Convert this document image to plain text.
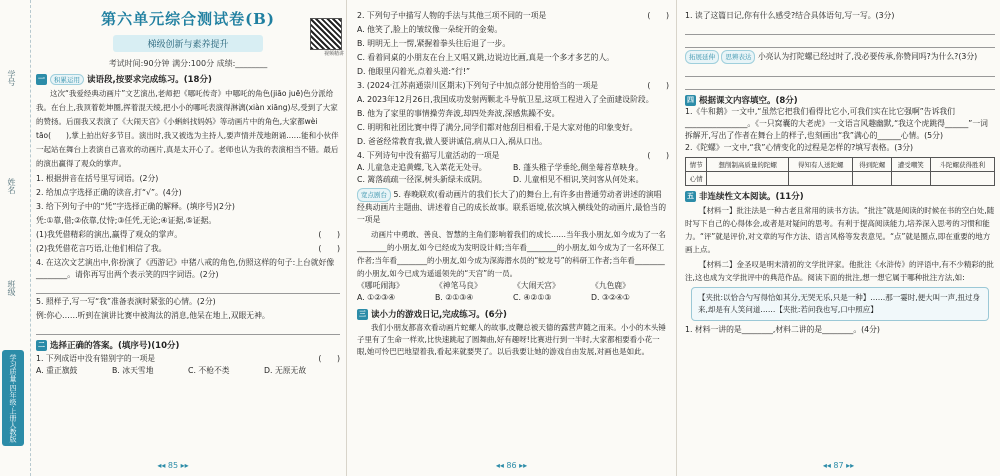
学号
姓名
班级
学习质量·四年级·上册人教版
视频精讲
第六单元综合测试卷(B)
梯级创新与素养提升
考试时间:90分钟 满分:100分 成绩:________
一	积累运用 读语段,按要求完成练习。(18分)

这次“我爱经典动画片”文艺演出,老师把《哪吒传奇》中哪吒的角色(jiāo juē)色分派给我。在台上,我顶着乾坤圈,挥着混天绫,把小小的哪吒表演得淋漓(xiàn xiāng)尽,受到了大家的赞扬。后面我又表演了《大闹天宫》《小蝌蚪找妈妈》等动画片中的角色,大家都wèi tāo(　　),掌上拍出好多节目。演出时,我又被选为主持人,要声情并茂地朗诵……能和小伙伴一起站在舞台上表演自己喜欢的动画片,真是太开心了。老师也认为我的表演相当不错。最后的演出赢得了观众的掌声。

1. 根据拼音在括号里写词语。(2分)
2. 给加点字选择正确的读音,打“√”。(4分)
3. 给下列句子中的“凭”字选择正确的解释。(填序号)(2分)
凭:①靠,借;②依靠,仗恃;③任凭,无论;④证据,⑤证据。
(1)我凭借精彩的演出,赢得了观众的掌声。	(　　)
(2)我凭借花言巧语,让他们相信了我。	(　　)
4. 在这次文艺演出中,你扮演了《西游记》中猪八戒的角色,仿照这样的句子:上台就好像________。请你再写出两个表示笑的四字词语。(2分)
5. 照样子,写一写“我”准备表演时紧张的心情。(2分)
例:你心……听到在演讲比赛中被淘汰的消息,他呆在地上,双眼无神。
二 选择正确的答案。(填序号)(10分)
1. 下列成语中没有错别字的一项是	(　　)
A. 重正旗鼓	B. 冰天雪地	C. 不枪不类	D. 无原无故
◂◂ 85 ▸▸
2. 下列句子中描写人物的手法与其他三项不同的一项是	(　　)
A. 他笑了,脸上的皱纹像一朵绽开的金菊。
B. 明明无上一愣,紧握着拳头往后退了一步。
C. 看着同桌的小朋友在台上又唱又跳,边说边比画,真是一个多才多艺的人。
D. 他眼里闪着光,点着头道:“行!”
3. (2024·江苏南通崇川区期末)下列句子中加点部分使用恰当的一项是	(　　)
A. 2023年12月26日,我国成功发射两颗北斗导航卫星,这项工程进入了全面建设阶段。
B. 他为了家里的事情操劳奔波,却四处奔波,深感焦躁不安。
C. 明明和社团比赛中得了满分,同学们都对他刮目相看,于是大家对他的印象变好。
D. 爸爸经常教育我,做人要讲诚信,病从口入,祸从口出。
4. 下列诗句中没有描写儿童活动的一项是	(　　)
A. 儿童急走追黄蝶,飞入菜花无处寻。	B. 蓬头稚子学垂纶,侧坐莓苔草映身。
C. 篱落疏疏一径深,树头新绿未成阴。	D. 儿童相见不相识,笑问客从何处来。
宽点剧台 5. 春晚联欢(看动画片的我们长大了)的舞台上,有许多由普通劳动者讲述的演唱经典动画片主题曲、讲述着自己的成长故事。联系语境,依次填入横线处的动画片,最恰当的一项是
动画片中勇敢、善良、智慧的主角们影响着我们的成长……当年我小朋友,如今成为了一名________的小朋友,如今已经成为发明设计师;当年看________的小朋友,如今成为了一名环保工作者;当年看________的小朋友,如今成为深海潜水员的“蛟龙号”的科研工作者;当年看________的小朋友,如今已成为遥遥领先的“天宫”的一员。
《哪吒闹海》	《神笔马良》	《大闹天宫》	《九色鹿》
A. ①②③④	B. ②①③④	C. ④②①③	D. ③②④①
三 读小力的游戏日记,完成练习。(6分)

我们小朋友都喜欢看动画片蛇螺人的故事,皮鞭总被天德的露营声随之而来。小小的木头锤子里有了生命一样欢,比快速跳起了圆舞曲,好有趣呀!比赛进行到一半时,大家都相要看小花一眼,她可怜巴巴地望着我,看起来就要哭了。以后我要让她的游戏自由发展,对画也是如此。

◂◂ 86 ▸▸
1. 读了这篇日记,你有什么感受?结合具体语句,写一写。(3分)
拓展延伸 思辨表达 小亮认为打陀螺已经过时了,没必要传承,你赞同吗?为什么?(3分)
四 根据课文内容填空。(8分)
1.《牛和鹅》一文中,“虽然它把我们看得比它小,可我们实在比它强啊”告诉我们________________。《一只窝囊的大老虎》一文语言风趣幽默,“我这个虎跳得______”一词拆解开,写出了作者在舞台上的样子,也刻画出“我”满心的______心情。(5分)
2.《陀螺》一文中,“我”心情变化的过程是怎样的?填写表格。(3分)
情节	想削制高质量的陀螺	得知有人送陀螺	得到陀螺	遭受嘲笑	斗陀螺获得胜利
心情					
五 非连续性文本阅读。(11分)
【材料一】批注法是一种古老且常用的读书方法。“批注”就是阅读的时候在书的空白处,随时写下自己的心得体会,或者是对疑问的思考。有利于提高阅读能力,培养深入思考的习惯和能力。“评”就是评价,对文章的写作方法、语言风格等发表意见。“点”就是圈点,即在重要的地方画上点。
【材料二】金圣叹是明末清初的文学批评家。他批注《水浒传》的评语中,有不少精彩的批注,这也成为文学批评中的典范作品。阅读下面的批注,想一想它属于哪种批注方法,如:
【夹批:以恰合勺写得恰如其分,无哭无乐,只是一种】……那一霎时,便大叫一声,扭过身来,却是有人笑问道……【夹批:若问我也写,口中照应】
1. 材料一讲的是________,材料二讲的是________。(4分)
◂◂ 87 ▸▸
